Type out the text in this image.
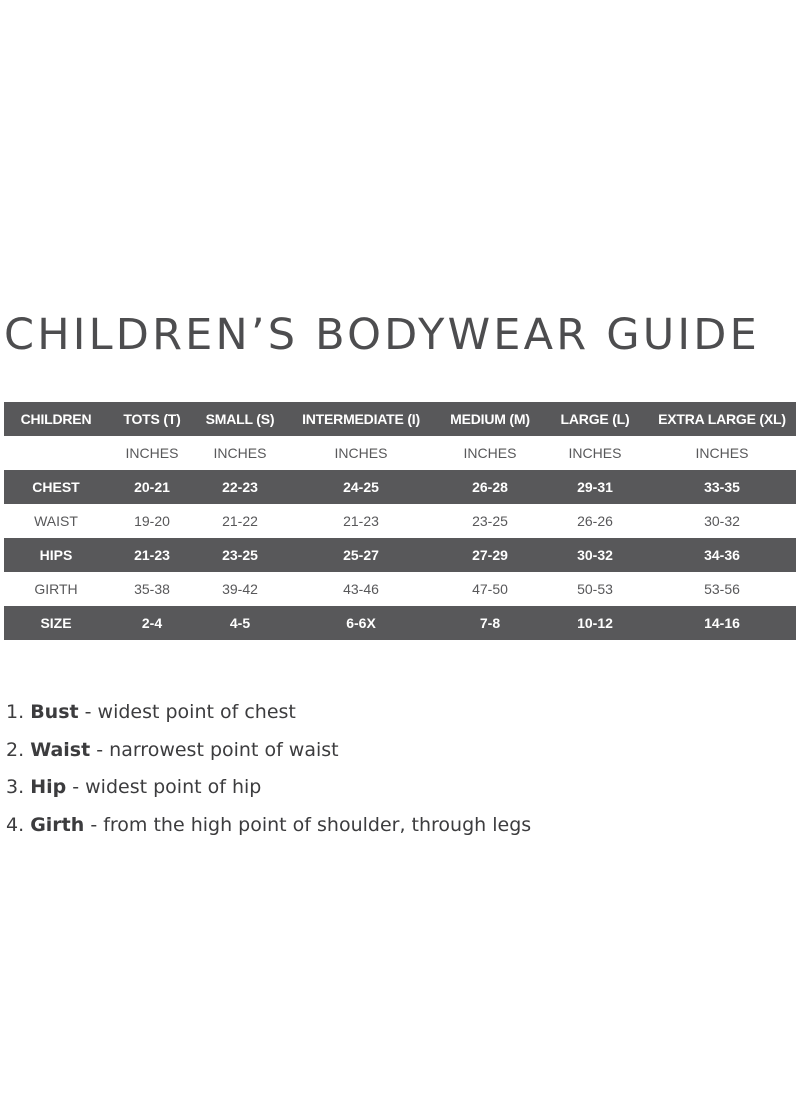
CHILDREN’S BODYWEAR GUIDE
CHILDREN	TOTS (T)	SMALL (S)	INTERMEDIATE (I)	MEDIUM (M)	LARGE (L)	EXTRA LARGE (XL)
	INCHES	INCHES	INCHES	INCHES	INCHES	INCHES
CHEST	20-21	22-23	24-25	26-28	29-31	33-35
WAIST	19-20	21-22	21-23	23-25	26-26	30-32
HIPS	21-23	23-25	25-27	27-29	30-32	34-36
GIRTH	35-38	39-42	43-46	47-50	50-53	53-56
SIZE	2-4	4-5	6-6X	7-8	10-12	14-16
1. Bust - widest point of chest
2. Waist - narrowest point of waist
3. Hip - widest point of hip
4. Girth - from the high point of shoulder, through legs
